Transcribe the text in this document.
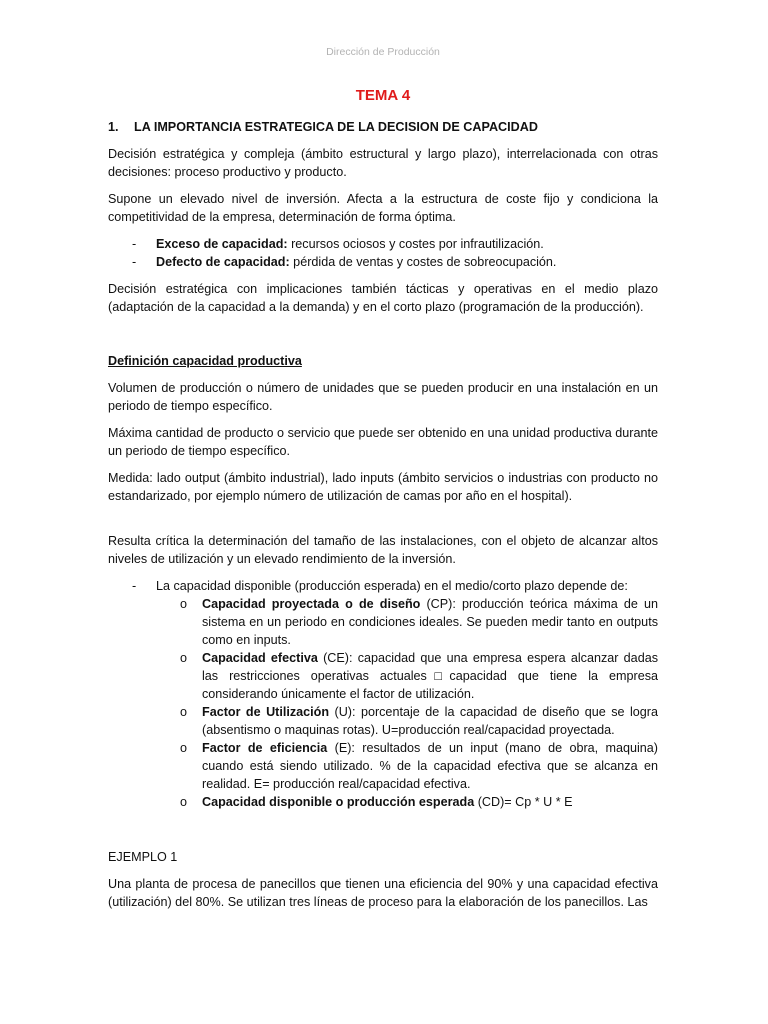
Dirección de Producción
TEMA 4
1. LA IMPORTANCIA ESTRATEGICA DE LA DECISION DE CAPACIDAD
Decisión estratégica y compleja (ámbito estructural y largo plazo), interrelacionada con otras decisiones: proceso productivo y producto.
Supone un elevado nivel de inversión. Afecta a la estructura de coste fijo y condiciona la competitividad de la empresa, determinación de forma óptima.
-	Exceso de capacidad: recursos ociosos y costes por infrautilización.
-	Defecto de capacidad: pérdida de ventas y costes de sobreocupación.
Decisión estratégica con implicaciones también tácticas y operativas en el medio plazo (adaptación de la capacidad a la demanda) y en el corto plazo (programación de la producción).
Definición capacidad productiva
Volumen de producción o número de unidades que se pueden producir en una instalación en un periodo de tiempo específico.
Máxima cantidad de producto o servicio que puede ser obtenido en una unidad productiva durante un periodo de tiempo específico.
Medida: lado output (ámbito industrial), lado inputs (ámbito servicios o industrias con producto no estandarizado, por ejemplo número de utilización de camas por año en el hospital).
Resulta crítica la determinación del tamaño de las instalaciones, con el objeto de alcanzar altos niveles de utilización y un elevado rendimiento de la inversión.
-	La capacidad disponible (producción esperada) en el medio/corto plazo depende de:
o Capacidad proyectada o de diseño (CP): producción teórica máxima de un sistema en un periodo en condiciones ideales. Se pueden medir tanto en outputs como en inputs.
o Capacidad efectiva (CE): capacidad que una empresa espera alcanzar dadas las restricciones operativas actuales□capacidad que tiene la empresa considerando únicamente el factor de utilización.
o Factor de Utilización (U): porcentaje de la capacidad de diseño que se logra (absentismo o maquinas rotas). U=producción real/capacidad proyectada.
o Factor de eficiencia (E): resultados de un input (mano de obra, maquina) cuando está siendo utilizado. % de la capacidad efectiva que se alcanza en realidad. E= producción real/capacidad efectiva.
o Capacidad disponible o producción esperada (CD)= Cp * U * E
EJEMPLO 1
Una planta de procesa de panecillos que tienen una eficiencia del 90% y una capacidad efectiva (utilización) del 80%. Se utilizan tres líneas de proceso para la elaboración de los panecillos. Las
